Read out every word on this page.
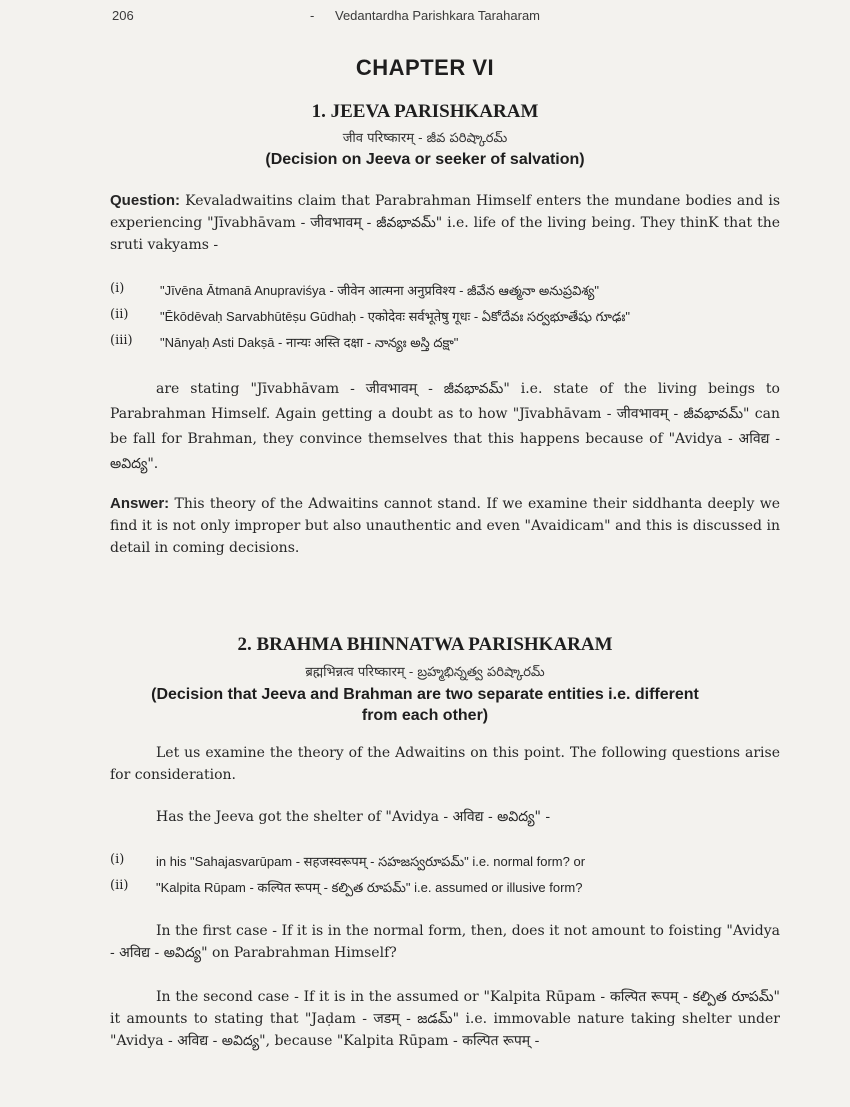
206	- Vedantardha Parishkara Taraharam
CHAPTER VI
1. JEEVA PARISHKARAM
जीव परिष्कारम् - జీవ పరిష్కారమ్
(Decision on Jeeva or seeker of salvation)

Question: Kevaladwaitins claim that Parabrahman Himself enters the mundane bodies and is experiencing "Jīvabhāvam - जीवभावम् - జీవభావమ్" i.e. life of the living being. They thinK that the sruti vakyams -

(i)	"Jīvēna Ātmanā Anupraviśya - जीवेन आत्मना अनुप्रविश्य - జీవేన ఆత్మనా అనుప్రవిశ్య"
(ii) "Ēkōdēvaḥ Sarvabhūtēṣu Gūdhaḥ - एकोदेवः सर्वभूतेषु गूधः - ఏకోదేవః సర్వభూతేషు గూఢః"
(iii) "Nānyaḥ Asti Dakṣā - नान्यः अस्ति दक्षा - నాన్యః అస్తి దక్షా"

are stating "Jīvabhāvam - जीवभावम् - జీవభావమ్" i.e. state of the living beings to Parabrahman Himself. Again getting a doubt as to how "Jīvabhāvam - जीवभावम् - జీవభావమ్" can be fall for Brahman, they convince themselves that this happens because of "Avidya - अविद्य - అవిద్య".

Answer: This theory of the Adwaitins cannot stand. If we examine their siddhanta deeply we find it is not only improper but also unauthentic and even "Avaidicam" and this is discussed in detail in coming decisions.

2. BRAHMA BHINNATWA PARISHKARAM
ब्रह्मभिन्नत्व परिष्कारम् - బ్రహ్మభిన్నత్వ పరిష్కారమ్
(Decision that Jeeva and Brahman are two separate entities i.e. different
from each other)

Let us examine the theory of the Adwaitins on this point. The following questions arise for consideration.

Has the Jeeva got the shelter of "Avidya - अविद्य - అవిద్య" -

(i) in his "Sahajasvarūpam - सहजस्वरूपम् - సహజస్వరూపమ్" i.e. normal form? or
(ii) "Kalpita Rūpam - कल्पित रूपम् - కల్పిత రూపమ్" i.e. assumed or illusive form?

In the first case - If it is in the normal form, then, does it not amount to foisting "Avidya - अविद्य - అవిద్య" on Parabrahman Himself?

In the second case - If it is in the assumed or "Kalpita Rūpam - कल्पित रूपम् - కల్పిత రూపమ్" it amounts to stating that "Jaḍam - जडम् - జడమ్" i.e. immovable nature taking shelter under "Avidya - अविद्य - అవిద్య", because "Kalpita Rūpam - कल्पित रूपम् -
